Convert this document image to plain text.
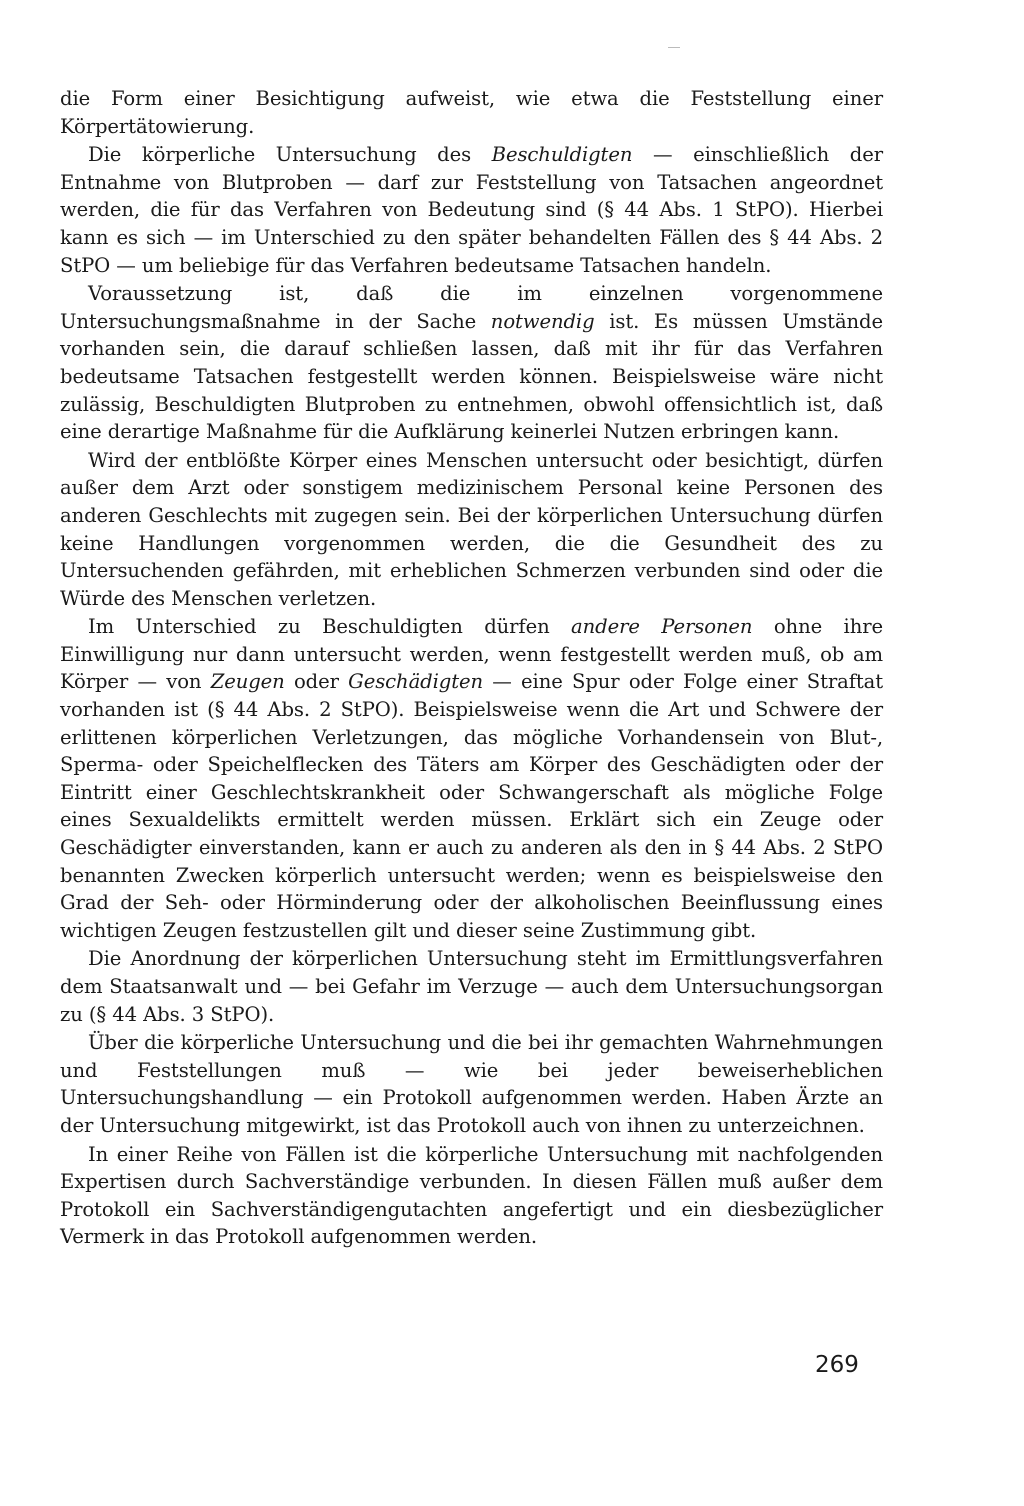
die Form einer Besichtigung aufweist, wie etwa die Feststellung einer Körpertätowierung.

Die körperliche Untersuchung des Beschuldigten — einschließlich der Entnahme von Blutproben — darf zur Feststellung von Tatsachen angeordnet werden, die für das Verfahren von Bedeutung sind (§ 44 Abs. 1 StPO). Hierbei kann es sich — im Unterschied zu den später behandelten Fällen des § 44 Abs. 2 StPO — um beliebige für das Verfahren bedeutsame Tatsachen handeln.

Voraussetzung ist, daß die im einzelnen vorgenommene Untersuchungsmaßnahme in der Sache notwendig ist. Es müssen Umstände vorhanden sein, die darauf schließen lassen, daß mit ihr für das Verfahren bedeutsame Tatsachen festgestellt werden können. Beispielsweise wäre nicht zulässig, Beschuldigten Blutproben zu entnehmen, obwohl offensichtlich ist, daß eine derartige Maßnahme für die Aufklärung keinerlei Nutzen erbringen kann.

Wird der entblößte Körper eines Menschen untersucht oder besichtigt, dürfen außer dem Arzt oder sonstigem medizinischem Personal keine Personen des anderen Geschlechts mit zugegen sein. Bei der körperlichen Untersuchung dürfen keine Handlungen vorgenommen werden, die die Gesundheit des zu Untersuchenden gefährden, mit erheblichen Schmerzen verbunden sind oder die Würde des Menschen verletzen.

Im Unterschied zu Beschuldigten dürfen andere Personen ohne ihre Einwilligung nur dann untersucht werden, wenn festgestellt werden muß, ob am Körper — von Zeugen oder Geschädigten — eine Spur oder Folge einer Straftat vorhanden ist (§ 44 Abs. 2 StPO). Beispielsweise wenn die Art und Schwere der erlittenen körperlichen Verletzungen, das mögliche Vorhandensein von Blut-, Sperma- oder Speichelflecken des Täters am Körper des Geschädigten oder der Eintritt einer Geschlechtskrankheit oder Schwangerschaft als mögliche Folge eines Sexualdelikts ermittelt werden müssen. Erklärt sich ein Zeuge oder Geschädigter einverstanden, kann er auch zu anderen als den in § 44 Abs. 2 StPO benannten Zwecken körperlich untersucht werden; wenn es beispielsweise den Grad der Seh- oder Hörminderung oder der alkoholischen Beeinflussung eines wichtigen Zeugen festzustellen gilt und dieser seine Zustimmung gibt.

Die Anordnung der körperlichen Untersuchung steht im Ermittlungsverfahren dem Staatsanwalt und — bei Gefahr im Verzuge — auch dem Untersuchungsorgan zu (§ 44 Abs. 3 StPO).

Über die körperliche Untersuchung und die bei ihr gemachten Wahrnehmungen und Feststellungen muß — wie bei jeder beweiserheblichen Untersuchungshandlung — ein Protokoll aufgenommen werden. Haben Ärzte an der Untersuchung mitgewirkt, ist das Protokoll auch von ihnen zu unterzeichnen.

In einer Reihe von Fällen ist die körperliche Untersuchung mit nachfolgenden Expertisen durch Sachverständige verbunden. In diesen Fällen muß außer dem Protokoll ein Sachverständigengutachten angefertigt und ein diesbezüglicher Vermerk in das Protokoll aufgenommen werden.

269
